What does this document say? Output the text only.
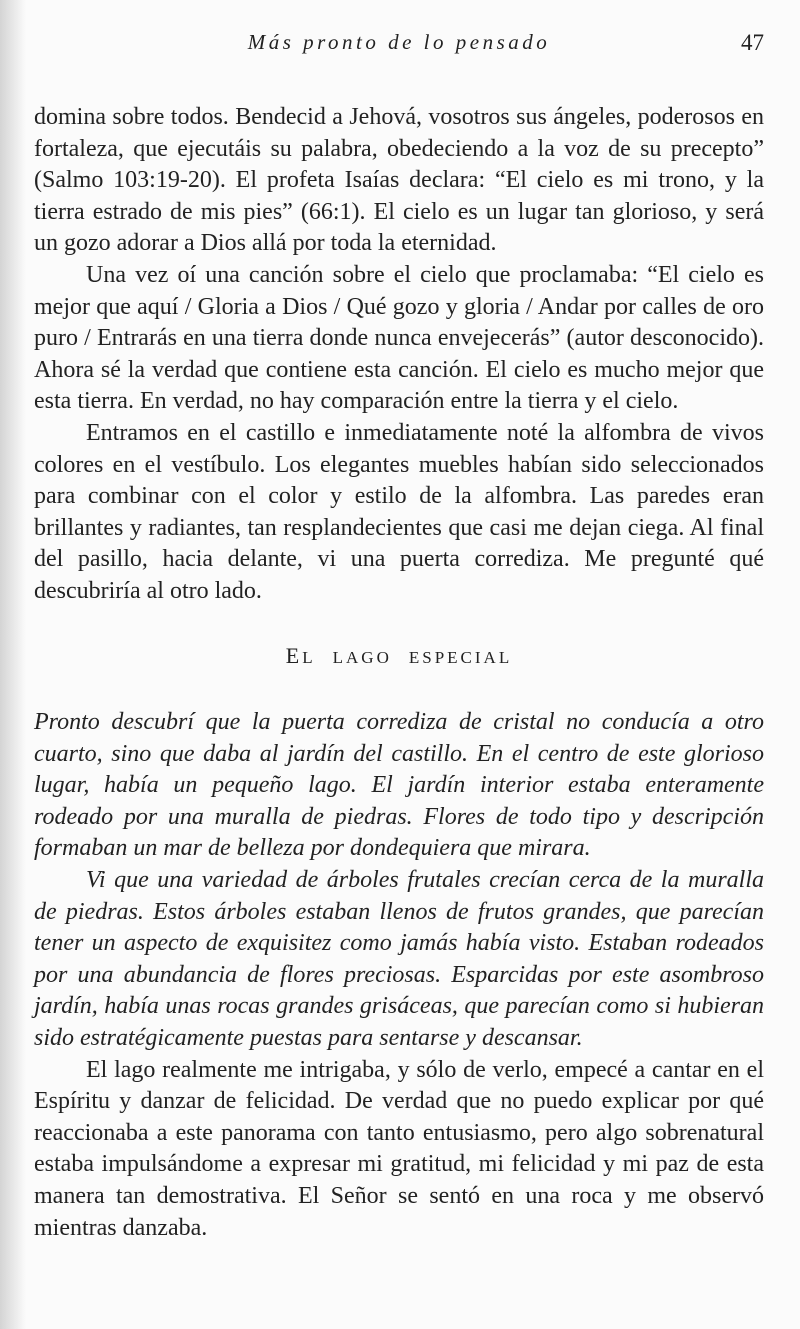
Más pronto de lo pensado	47

domina sobre todos. Bendecid a Jehová, vosotros sus ángeles, poderosos en fortaleza, que ejecutáis su palabra, obedeciendo a la voz de su precepto” (Salmo 103:19-20). El profeta Isaías declara: “El cielo es mi trono, y la tierra estrado de mis pies” (66:1). El cielo es un lugar tan glorioso, y será un gozo adorar a Dios allá por toda la eternidad.

Una vez oí una canción sobre el cielo que proclamaba: “El cielo es mejor que aquí / Gloria a Dios / Qué gozo y gloria / Andar por calles de oro puro / Entrarás en una tierra donde nunca envejecerás” (autor desconocido). Ahora sé la verdad que contiene esta canción. El cielo es mucho mejor que esta tierra. En verdad, no hay comparación entre la tierra y el cielo.

Entramos en el castillo e inmediatamente noté la alfombra de vivos colores en el vestíbulo. Los elegantes muebles habían sido seleccionados para combinar con el color y estilo de la alfombra. Las paredes eran brillantes y radiantes, tan resplandecientes que casi me dejan ciega. Al final del pasillo, hacia delante, vi una puerta corrediza. Me pregunté qué descubriría al otro lado.

EL LAGO ESPECIAL

Pronto descubrí que la puerta corrediza de cristal no conducía a otro cuarto, sino que daba al jardín del castillo. En el centro de este glorioso lugar, había un pequeño lago. El jardín interior estaba enteramente rodeado por una muralla de piedras. Flores de todo tipo y descripción formaban un mar de belleza por dondequiera que mirara.

Vi que una variedad de árboles frutales crecían cerca de la muralla de piedras. Estos árboles estaban llenos de frutos grandes, que parecían tener un aspecto de exquisitez como jamás había visto. Estaban rodeados por una abundancia de flores preciosas. Esparcidas por este asombroso jardín, había unas rocas grandes grisáceas, que parecían como si hubieran sido estratégicamente puestas para sentarse y descansar.

El lago realmente me intrigaba, y sólo de verlo, empecé a cantar en el Espíritu y danzar de felicidad. De verdad que no puedo explicar por qué reaccionaba a este panorama con tanto entusiasmo, pero algo sobrenatural estaba impulsándome a expresar mi gratitud, mi felicidad y mi paz de esta manera tan demostrativa. El Señor se sentó en una roca y me observó mientras danzaba.
